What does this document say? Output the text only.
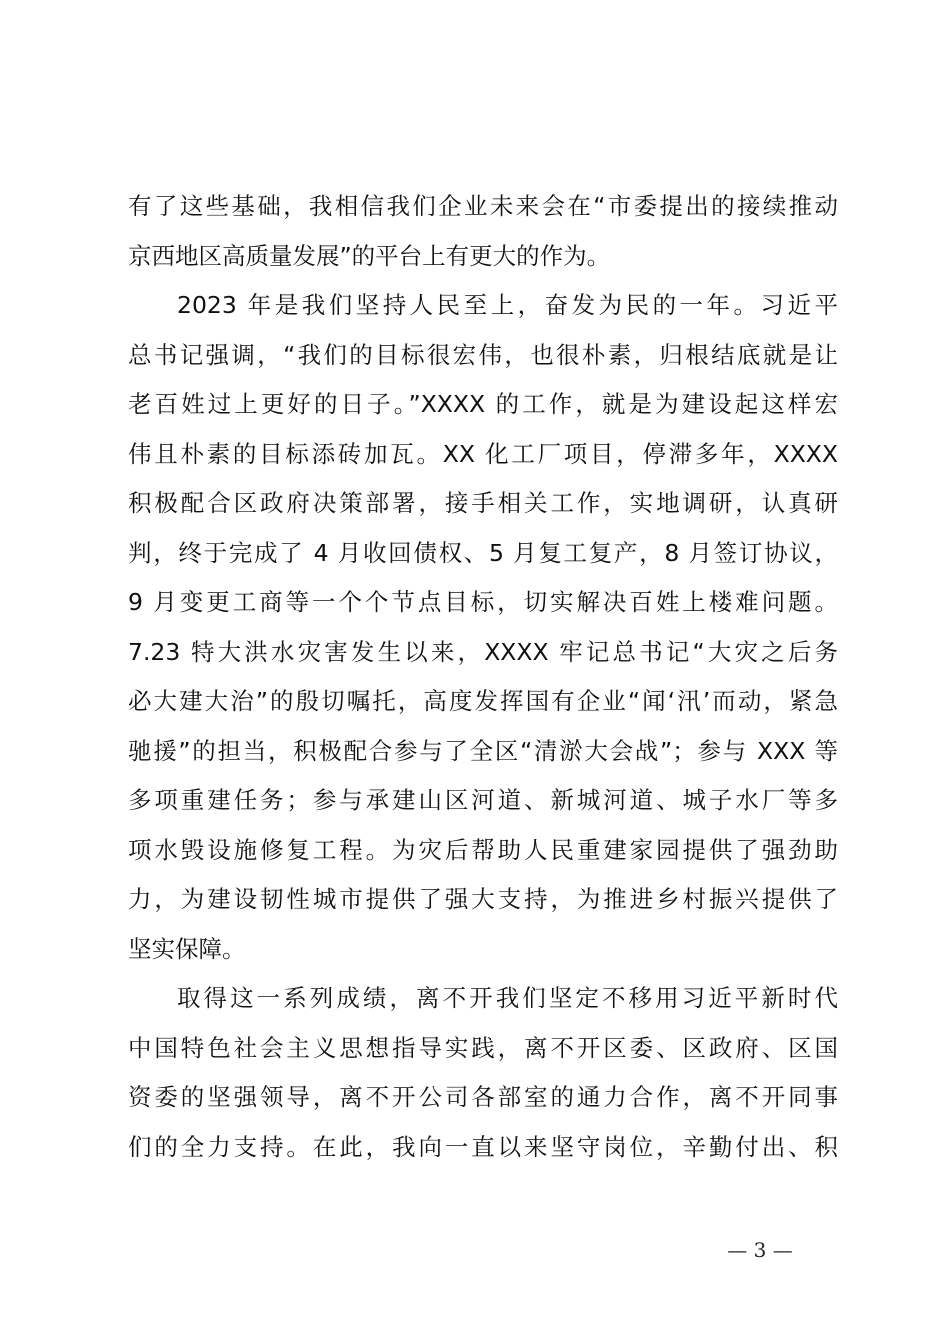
有了这些基础，我相信我们企业未来会在“市委提出的接续推动
京西地区高质量发展”的平台上有更大的作为。
2023 年是我们坚持人民至上，奋发为民的一年。习近平
总书记强调，“我们的目标很宏伟，也很朴素，归根结底就是让
老百姓过上更好的日子。”XXXX 的工作，就是为建设起这样宏
伟且朴素的目标添砖加瓦。XX 化工厂项目，停滞多年，XXXX
积极配合区政府决策部署，接手相关工作，实地调研，认真研
判，终于完成了 4 月收回债权、5 月复工复产，8 月签订协议，
9 月变更工商等一个个节点目标，切实解决百姓上楼难问题。
7.23 特大洪水灾害发生以来，XXXX 牢记总书记“大灾之后务
必大建大治”的殷切嘱托，高度发挥国有企业“闻‘汛’而动，紧急
驰援”的担当，积极配合参与了全区“清淤大会战”；参与 XXX 等
多项重建任务；参与承建山区河道、新城河道、城子水厂等多
项水毁设施修复工程。为灾后帮助人民重建家园提供了强劲助
力，为建设韧性城市提供了强大支持，为推进乡村振兴提供了
坚实保障。
取得这一系列成绩，离不开我们坚定不移用习近平新时代
中国特色社会主义思想指导实践，离不开区委、区政府、区国
资委的坚强领导，离不开公司各部室的通力合作，离不开同事
们的全力支持。在此，我向一直以来坚守岗位，辛勤付出、积
— 3 —
